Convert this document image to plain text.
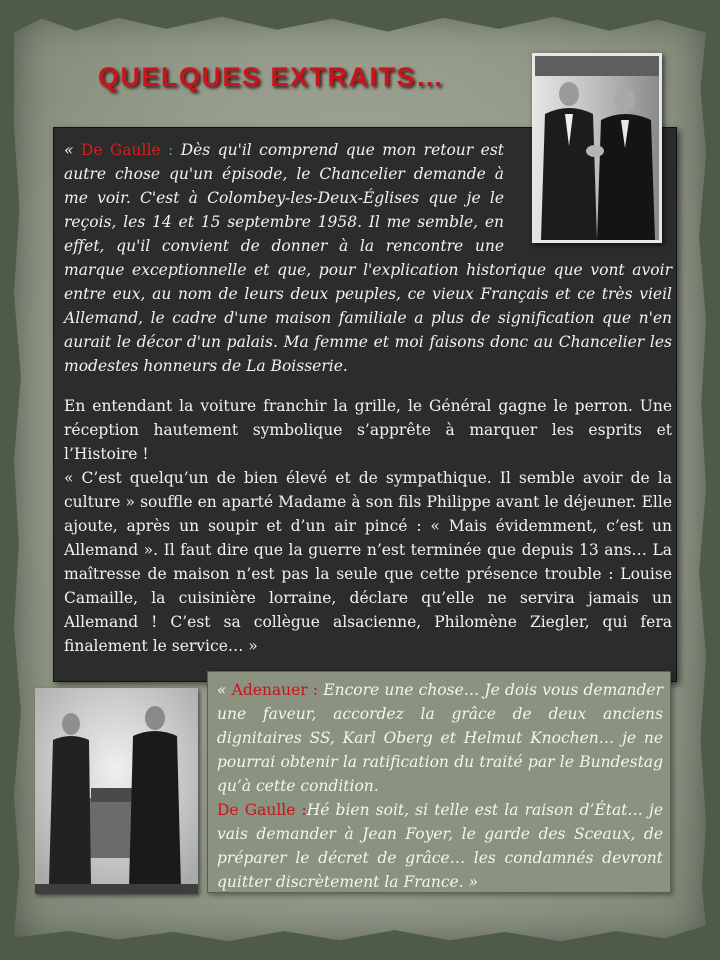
QUELQUES EXTRAITS…

« De Gaulle : Dès qu'il comprend que mon retour est autre chose qu'un épisode, le Chancelier demande à me voir. C'est à Colombey-les-Deux-Églises que je le reçois, les 14 et 15 septembre 1958. Il me semble, en effet, qu'il convient de donner à la rencontre une marque exceptionnelle et que, pour l'explication historique que vont avoir entre eux, au nom de leurs deux peuples, ce vieux Français et ce très vieil Allemand, le cadre d'une maison familiale a plus de signification que n'en aurait le décor d'un palais. Ma femme et moi faisons donc au Chancelier les modestes honneurs de La Boisserie.

En entendant la voiture franchir la grille, le Général gagne le perron. Une réception hautement symbolique s’apprête à marquer les esprits et l’Histoire !

« C’est quelqu’un de bien élevé et de sympathique. Il semble avoir de la culture » souffle en aparté Madame à son fils Philippe avant le déjeuner. Elle ajoute, après un soupir et d’un air pincé : « Mais évidemment, c’est un Allemand ». Il faut dire que la guerre n’est terminée que depuis 13 ans… La maîtresse de maison n’est pas la seule que cette présence trouble : Louise Camaille, la cuisinière lorraine, déclare qu’elle ne servira jamais un Allemand ! C’est sa collègue alsacienne, Philomène Ziegler, qui fera finalement le service… »

« Adenauer : Encore une chose… Je dois vous demander une faveur, accordez la grâce de deux anciens dignitaires SS, Karl Oberg et Helmut Knochen… je ne pourrai obtenir la ratification du traité par le Bundestag qu’à cette condition.
De Gaulle :Hé bien soit, si telle est la raison d’État… je vais demander à Jean Foyer, le garde des Sceaux, de préparer le décret de grâce… les condamnés devront quitter discrètement la France. »
